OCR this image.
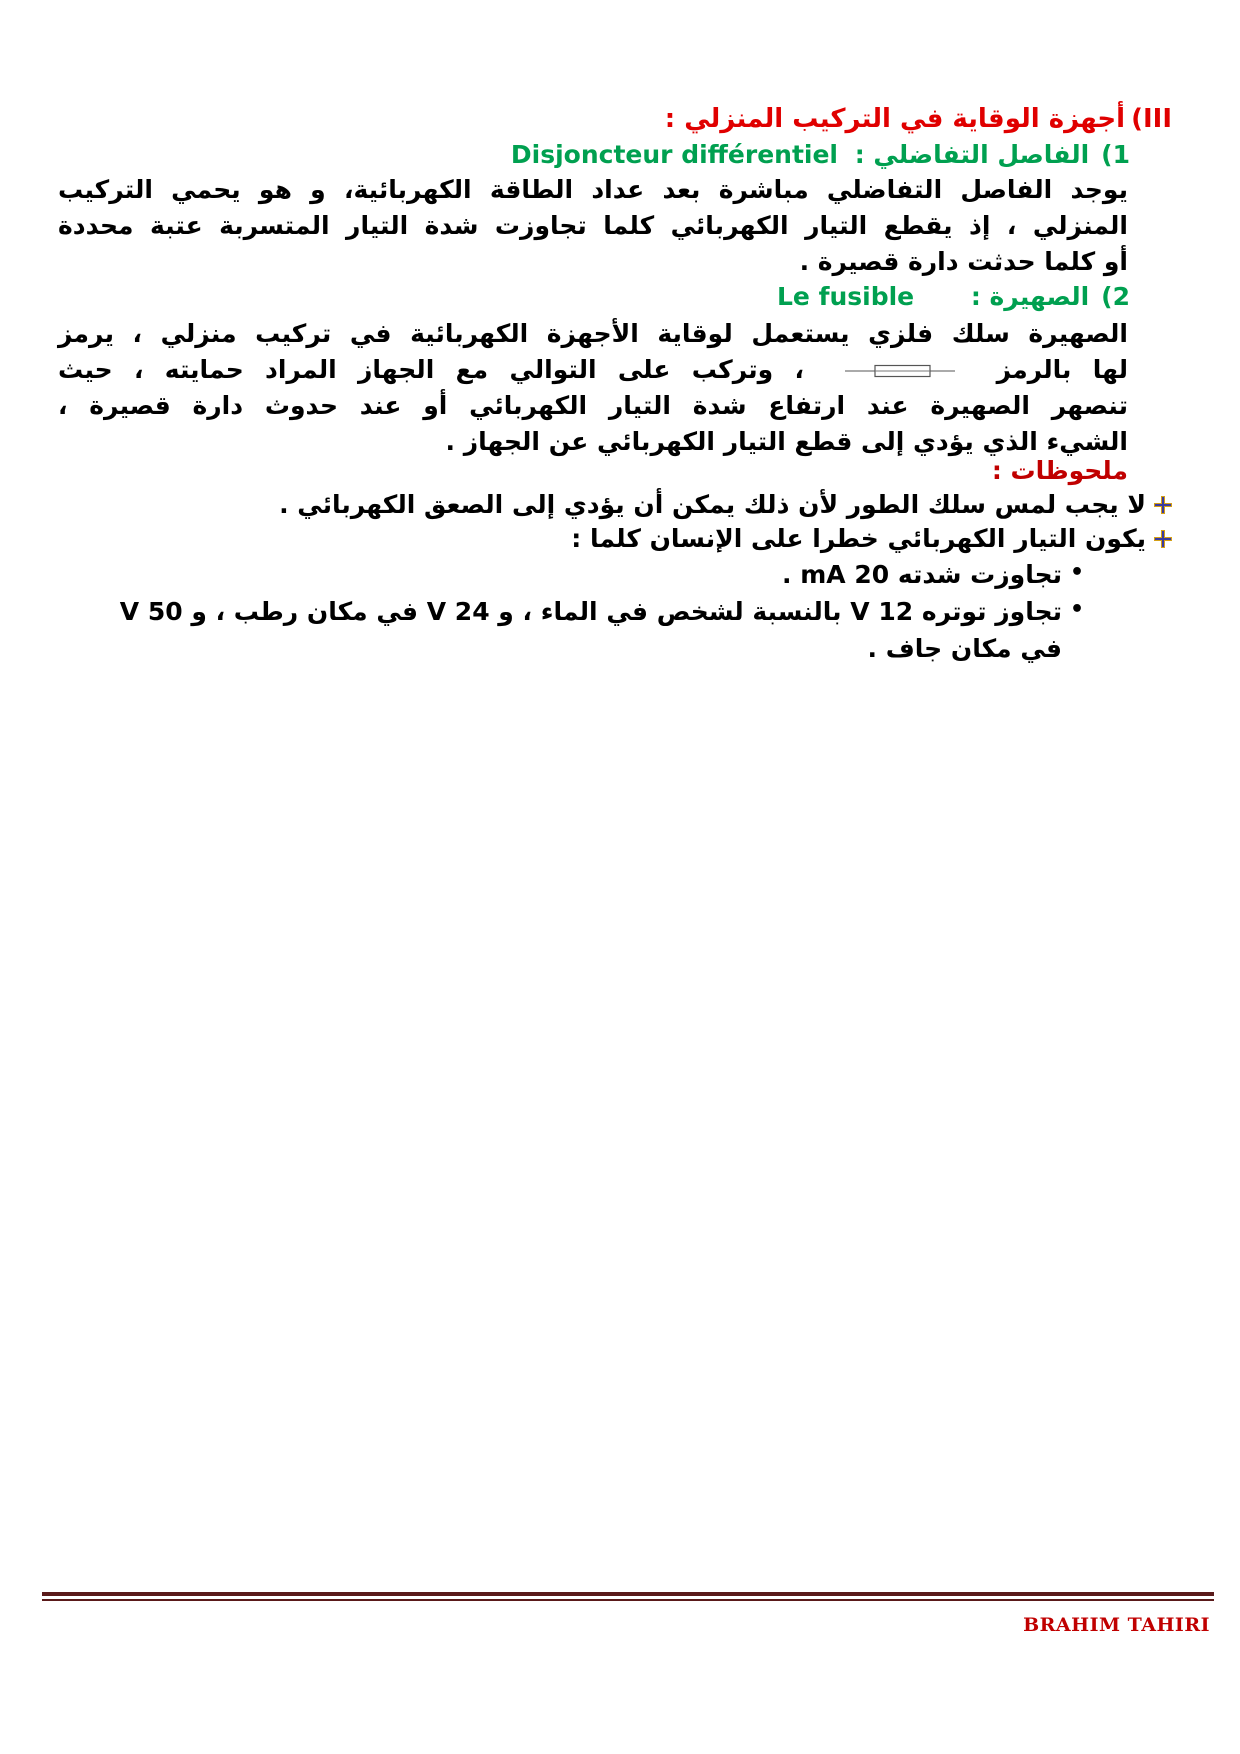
III)أجهزة الوقاية في التركيب المنزلي :
1)الفاصل التفاضلي : Disjoncteur différentiel
يوجد الفاصل التفاضلي مباشرة بعد عداد الطاقة الكهربائية، و هو يحمي التركيب
المنزلي ، إذ يقطع التيار الكهربائي كلما تجاوزت شدة التيار المتسربة عتبة محددة
أو كلما حدثت دارة قصيرة .
2)الصهيرة : Le fusible
الصهيرة سلك فلزي يستعمل لوقاية الأجهزة الكهربائية في تركيب منزلي ، يرمز
لها بالرمز
، وتركب على التوالي مع الجهاز المراد حمايته ، حيث
تنصهر الصهيرة عند ارتفاع شدة التيار الكهربائي أو عند حدوث دارة قصيرة ،
الشيء الذي يؤدي إلى قطع التيار الكهربائي عن الجهاز .
ملحوظات :
لا يجب لمس سلك الطور لأن ذلك يمكن أن يؤدي إلى الصعق الكهربائي .
يكون التيار الكهربائي خطرا على الإنسان كلما :
•
تجاوزت شدته 20 mA .
•
تجاوز توتره 12 V بالنسبة لشخص في الماء ، و 24 V في مكان رطب ، و 50 V
في مكان جاف .
BRAHIM TAHIRI
